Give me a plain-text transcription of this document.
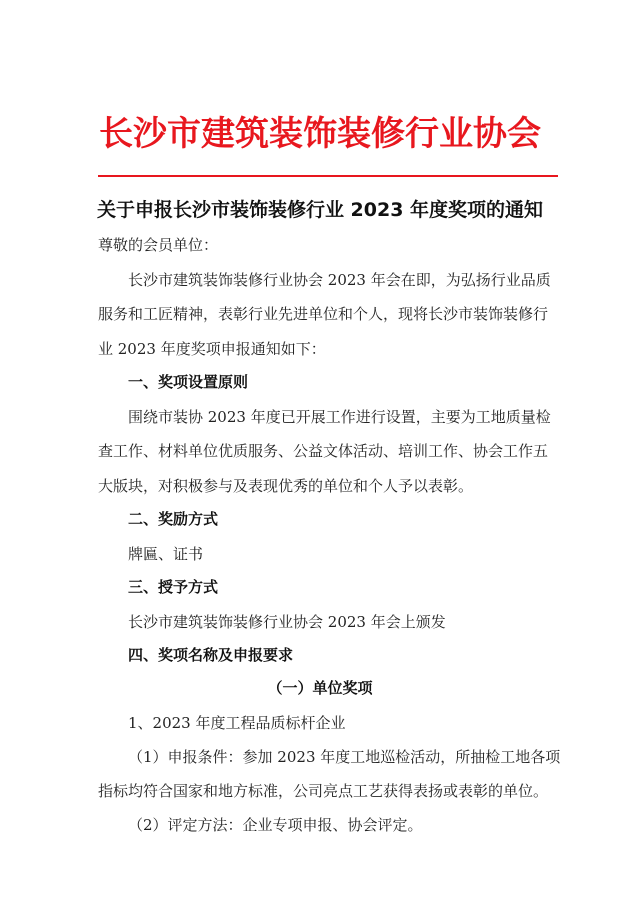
长沙市建筑装饰装修行业协会
关于申报长沙市装饰装修行业 2023 年度奖项的通知
尊敬的会员单位：
长沙市建筑装饰装修行业协会 2023 年会在即，为弘扬行业品质
服务和工匠精神，表彰行业先进单位和个人，现将长沙市装饰装修行
业 2023 年度奖项申报通知如下：
一、奖项设置原则
围绕市装协 2023 年度已开展工作进行设置，主要为工地质量检
查工作、材料单位优质服务、公益文体活动、培训工作、协会工作五
大版块，对积极参与及表现优秀的单位和个人予以表彰。
二、奖励方式
牌匾、证书
三、授予方式
长沙市建筑装饰装修行业协会 2023 年会上颁发
四、奖项名称及申报要求
（一）单位奖项
1、2023 年度工程品质标杆企业
（1）申报条件：参加 2023 年度工地巡检活动，所抽检工地各项
指标均符合国家和地方标准，公司亮点工艺获得表扬或表彰的单位。
（2）评定方法：企业专项申报、协会评定。
